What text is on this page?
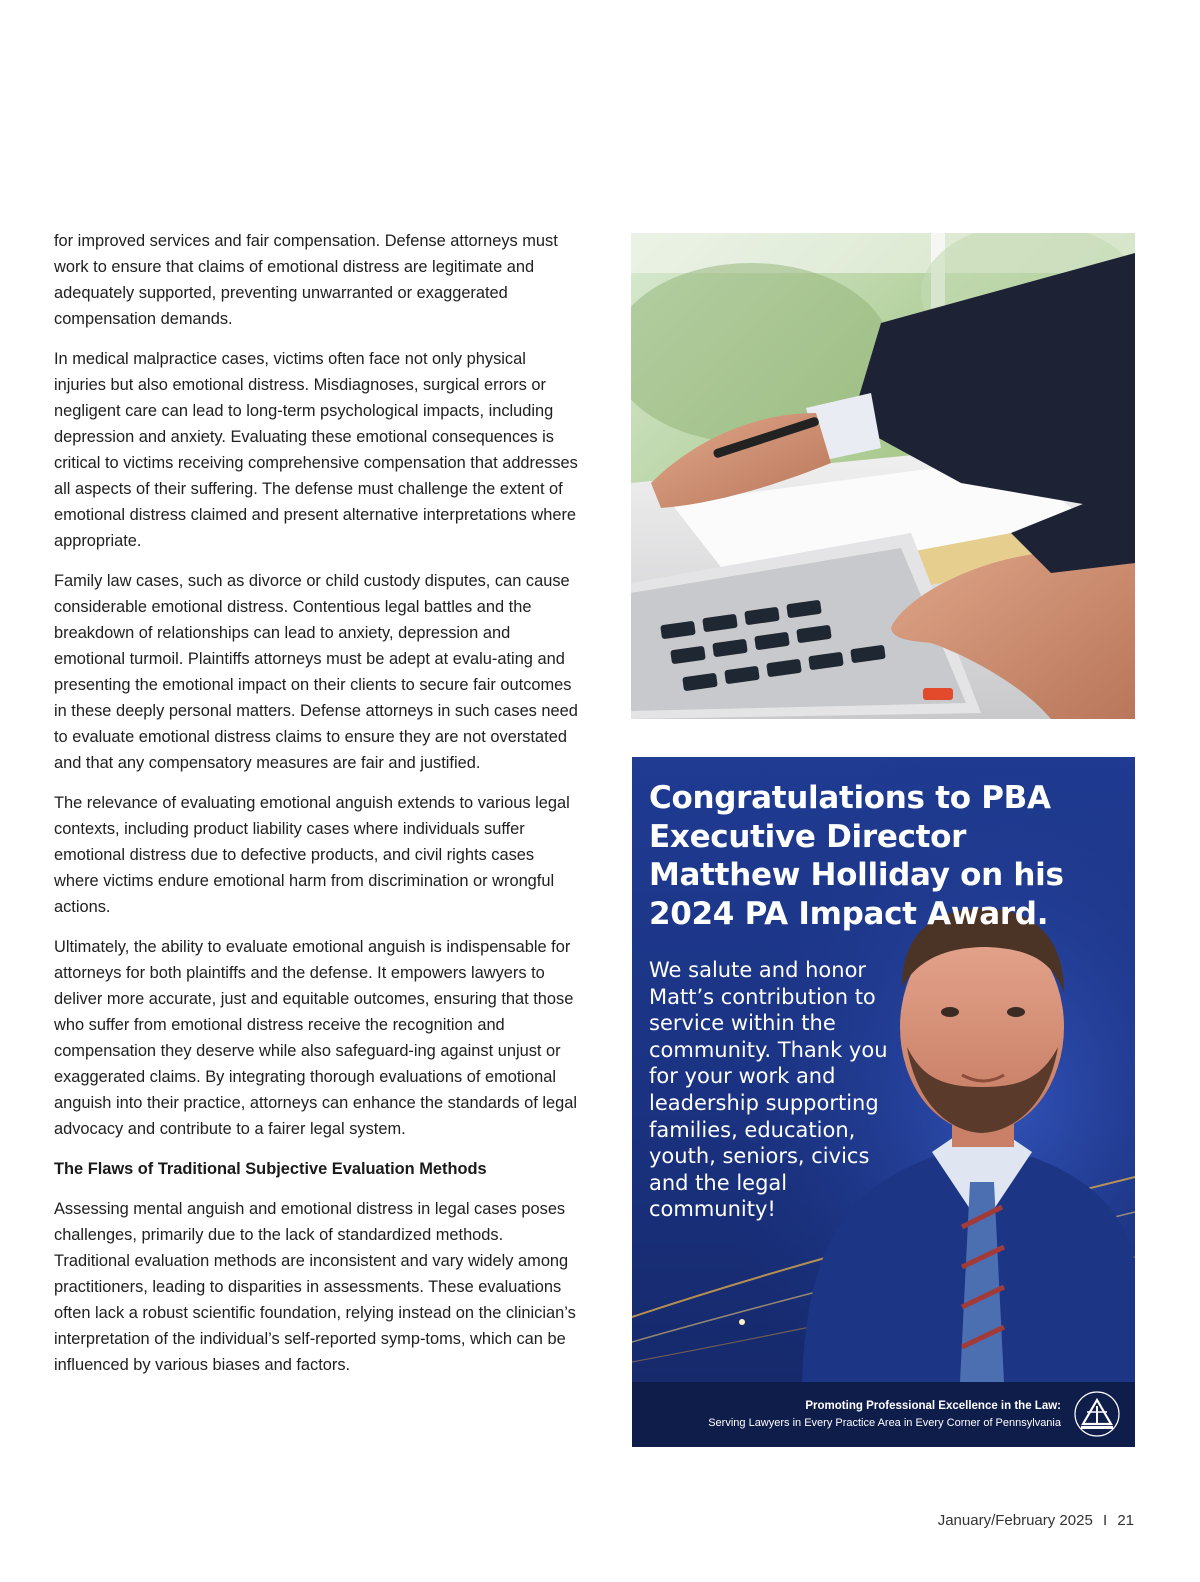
for improved services and fair compensation. Defense attorneys must work to ensure that claims of emotional distress are legitimate and adequately supported, preventing unwarranted or exaggerated compensation demands.

In medical malpractice cases, victims often face not only physical injuries but also emotional distress. Misdiagnoses, surgical errors or negligent care can lead to long-term psychological impacts, including depression and anxiety. Evaluating these emotional consequences is critical to victims receiving comprehensive compensation that addresses all aspects of their suffering. The defense must challenge the extent of emotional distress claimed and present alternative interpretations where appropriate.

Family law cases, such as divorce or child custody disputes, can cause considerable emotional distress. Contentious legal battles and the breakdown of relationships can lead to anxiety, depression and emotional turmoil. Plaintiffs attorneys must be adept at evalu-ating and presenting the emotional impact on their clients to secure fair outcomes in these deeply personal matters. Defense attorneys in such cases need to evaluate emotional distress claims to ensure they are not overstated and that any compensatory measures are fair and justified.

The relevance of evaluating emotional anguish extends to various legal contexts, including product liability cases where individuals suffer emotional distress due to defective products, and civil rights cases where victims endure emotional harm from discrimination or wrongful actions.

Ultimately, the ability to evaluate emotional anguish is indispensable for attorneys for both plaintiffs and the defense. It empowers lawyers to deliver more accurate, just and equitable outcomes, ensuring that those who suffer from emotional distress receive the recognition and compensation they deserve while also safeguard-ing against unjust or exaggerated claims. By integrating thorough evaluations of emotional anguish into their practice, attorneys can enhance the standards of legal advocacy and contribute to a fairer legal system.

The Flaws of Traditional Subjective Evaluation Methods

Assessing mental anguish and emotional distress in legal cases poses challenges, primarily due to the lack of standardized methods. Traditional evaluation methods are inconsistent and vary widely among practitioners, leading to disparities in assessments. These evaluations often lack a robust scientific foundation, relying instead on the clinician’s interpretation of the individual’s self-reported symp-toms, which can be influenced by various biases and factors.

Congratulations to PBA Executive Director Matthew Holliday on his 2024 PA Impact Award.

We salute and honor Matt’s contribution to service within the community. Thank you for your work and leadership supporting families, education, youth, seniors, civics and the legal community!

Promoting Professional Excellence in the Law:
Serving Lawyers in Every Practice Area in Every Corner of Pennsylvania
January/February 2025 I 21
